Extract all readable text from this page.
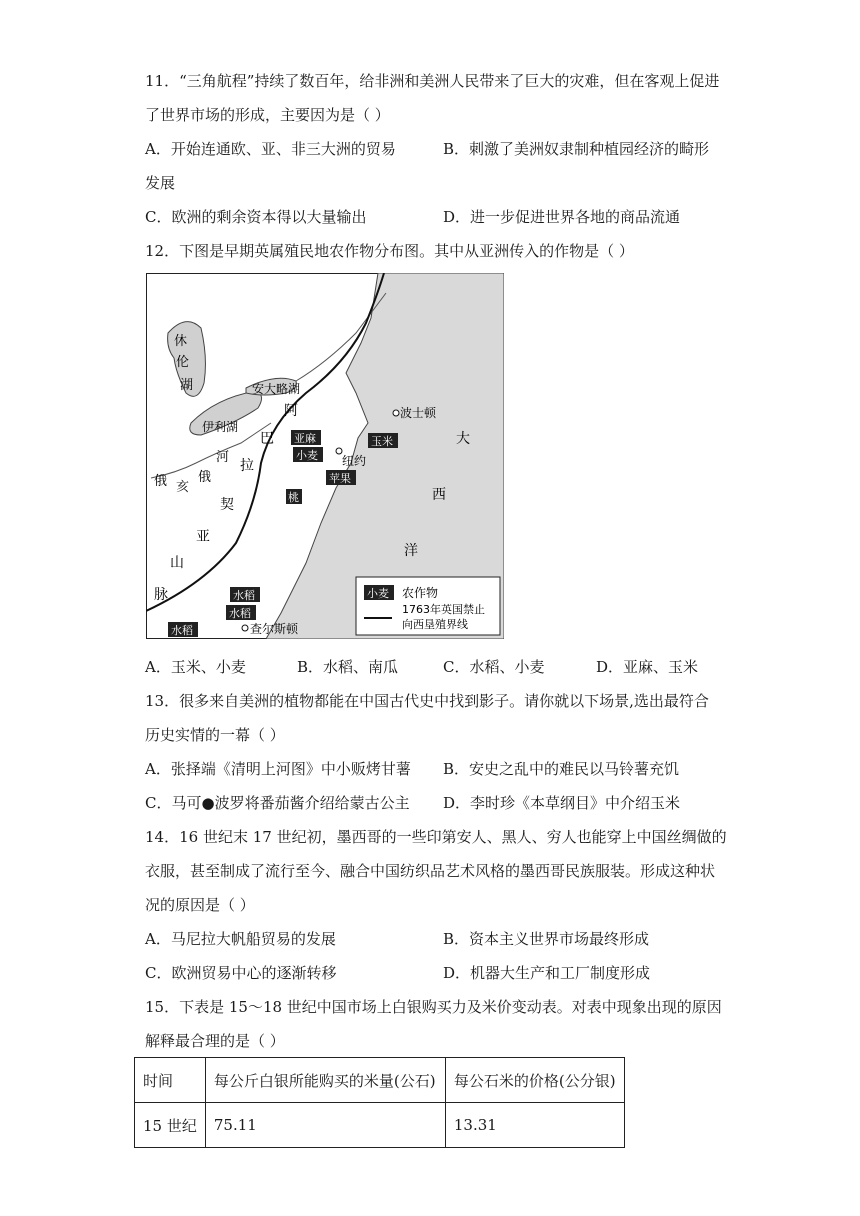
11．“三角航程”持续了数百年，给非洲和美洲人民带来了巨大的灾难，但在客观上促进
了世界市场的形成，主要因为是（ ）
A．开始连通欧、亚、非三大洲的贸易	B．刺激了美洲奴隶制种植园经济的畸形
发展
C．欧洲的剩余资本得以大量输出	D．进一步促进世界各地的商品流通
12．下图是早期英属殖民地农作物分布图。其中从亚洲传入的作物是（ ）
休
伦
湖	安大略湖
伊利湖
俄 亥
俄
河
阿
巴
拉
契
亚
山
脉
波士顿
纽约
查尔斯顿
大
西
洋
亚麻
小麦
玉米
苹果
桃
水稻
水稻
水稻
小麦 农作物
1763年英国禁止
向西垦殖界线
A．玉米、小麦	B．水稻、南瓜	C．水稻、小麦	D．亚麻、玉米
13．很多来自美洲的植物都能在中国古代史中找到影子。请你就以下场景,选出最符合
历史实情的一幕（ ）
A．张择端《清明上河图》中小贩烤甘薯 B．安史之乱中的难民以马铃薯充饥
C．马可●波罗将番茄酱介绍给蒙古公主 D．李时珍《本草纲目》中介绍玉米
14．16 世纪末 17 世纪初，墨西哥的一些印第安人、黑人、穷人也能穿上中国丝绸做的
衣服，甚至制成了流行至今、融合中国纺织品艺术风格的墨西哥民族服装。形成这种状
况的原因是（ ）
A．马尼拉大帆船贸易的发展	B．资本主义世界市场最终形成
C．欧洲贸易中心的逐渐转移	D．机器大生产和工厂制度形成
15．下表是 15～18 世纪中国市场上白银购买力及米价变动表。对表中现象出现的原因
解释最合理的是（ ）
时间	每公斤白银所能购买的米量(公石)	每公石米的价格(公分银)
15 世纪	75.11	13.31
